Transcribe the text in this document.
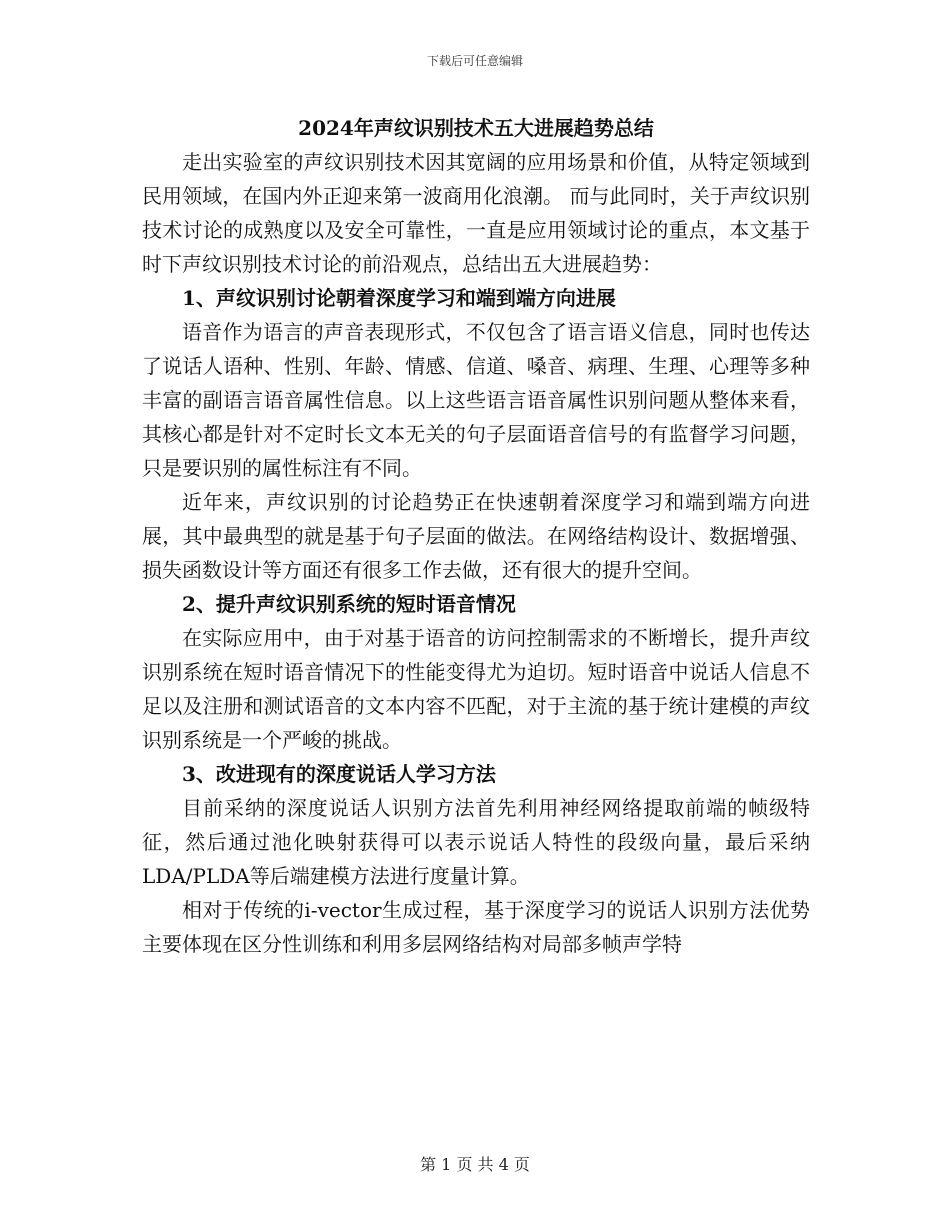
下载后可任意编辑
2024年声纹识别技术五大进展趋势总结

走出实验室的声纹识别技术因其宽阔的应用场景和价值，从特定领域到民用领域，在国内外正迎来第一波商用化浪潮。 而与此同时，关于声纹识别技术讨论的成熟度以及安全可靠性，一直是应用领域讨论的重点，本文基于时下声纹识别技术讨论的前沿观点，总结出五大进展趋势：

1、声纹识别讨论朝着深度学习和端到端方向进展

语音作为语言的声音表现形式，不仅包含了语言语义信息，同时也传达了说话人语种、性别、年龄、情感、信道、嗓音、病理、生理、心理等多种丰富的副语言语音属性信息。以上这些语言语音属性识别问题从整体来看，其核心都是针对不定时长文本无关的句子层面语音信号的有监督学习问题，只是要识别的属性标注有不同。

近年来，声纹识别的讨论趋势正在快速朝着深度学习和端到端方向进展，其中最典型的就是基于句子层面的做法。在网络结构设计、数据增强、损失函数设计等方面还有很多工作去做，还有很大的提升空间。

2、提升声纹识别系统的短时语音情况

在实际应用中，由于对基于语音的访问控制需求的不断增长，提升声纹识别系统在短时语音情况下的性能变得尤为迫切。短时语音中说话人信息不足以及注册和测试语音的文本内容不匹配，对于主流的基于统计建模的声纹识别系统是一个严峻的挑战。

3、改进现有的深度说话人学习方法

目前采纳的深度说话人识别方法首先利用神经网络提取前端的帧级特征，然后通过池化映射获得可以表示说话人特性的段级向量，最后采纳LDA/PLDA等后端建模方法进行度量计算。

相对于传统的i-vector生成过程，基于深度学习的说话人识别方法优势主要体现在区分性训练和利用多层网络结构对局部多帧声学特

第 1 页 共 4 页
